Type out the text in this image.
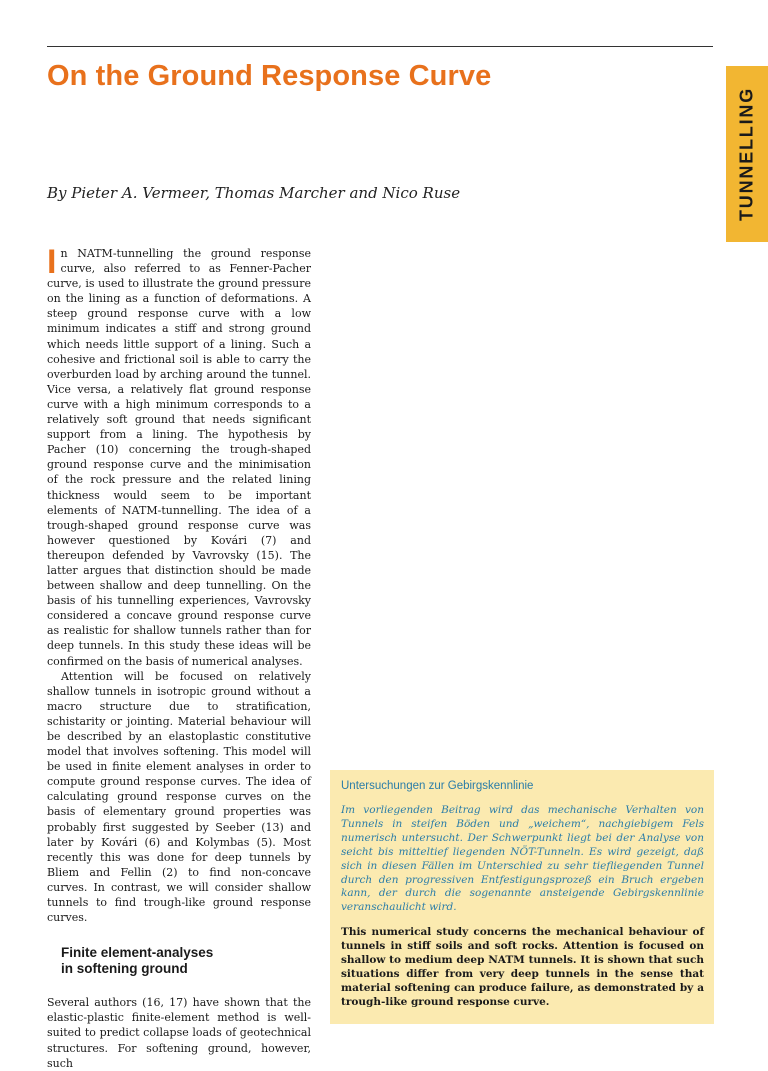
On the Ground Response Curve
TUNNELLING
By Pieter A. Vermeer, Thomas Marcher and Nico Ruse

In NATM-tunnelling the ground response curve, also referred to as Fenner-Pacher curve, is used to illustrate the ground pressure on the lining as a function of deformations. A steep ground response curve with a low minimum indicates a stiff and strong ground which needs little support of a lining. Such a cohesive and frictional soil is able to carry the overburden load by arching around the tunnel. Vice versa, a relatively flat ground response curve with a high minimum corresponds to a relatively soft ground that needs significant support from a lining. The hypothesis by Pacher (10) concerning the trough-shaped ground response curve and the minimisation of the rock pressure and the related lining thickness would seem to be important elements of NATM-tunnelling. The idea of a trough-shaped ground response curve was however questioned by Kovári (7) and thereupon defended by Vavrovsky (15). The latter argues that distinction should be made between shallow and deep tunnelling. On the basis of his tunnelling experiences, Vavrovsky considered a concave ground response curve as realistic for shallow tunnels rather than for deep tunnels. In this study these ideas will be confirmed on the basis of numerical analyses.

Attention will be focused on relatively shallow tunnels in isotropic ground without a macro structure due to stratification, schistarity or jointing. Material behaviour will be described by an elastoplastic constitutive model that involves softening. This model will be used in finite element analyses in order to compute ground response curves. The idea of calculating ground response curves on the basis of elementary ground properties was probably first suggested by Seeber (13) and later by Kovári (6) and Kolymbas (5). Most recently this was done for deep tunnels by Bliem and Fellin (2) to find non-concave curves. In contrast, we will consider shallow tunnels to find trough-like ground response curves.

Finite element-analyses
in softening ground

Several authors (16, 17) have shown that the elastic-plastic finite-element method is well-suited to predict collapse loads of geotechnical structures. For softening ground, however, such

Untersuchungen zur Gebirgskennlinie

Im vorliegenden Beitrag wird das mechanische Verhalten von Tunnels in steifen Böden und „weichem“, nachgiebigem Fels numerisch untersucht. Der Schwerpunkt liegt bei der Analyse von seicht bis mitteltief liegenden NÖT-Tunneln. Es wird gezeigt, daß sich in diesen Fällen im Unterschied zu sehr tiefliegenden Tunnel durch den progressiven Entfestigungsprozeß ein Bruch ergeben kann, der durch die sogenannte ansteigende Gebirgskennlinie veranschaulicht wird.

This numerical study concerns the mechanical behaviour of tunnels in stiff soils and soft rocks. Attention is focused on shallow to medium deep NATM tunnels. It is shown that such situations differ from very deep tunnels in the sense that material softening can produce failure, as demonstrated by a trough-like ground response curve.
